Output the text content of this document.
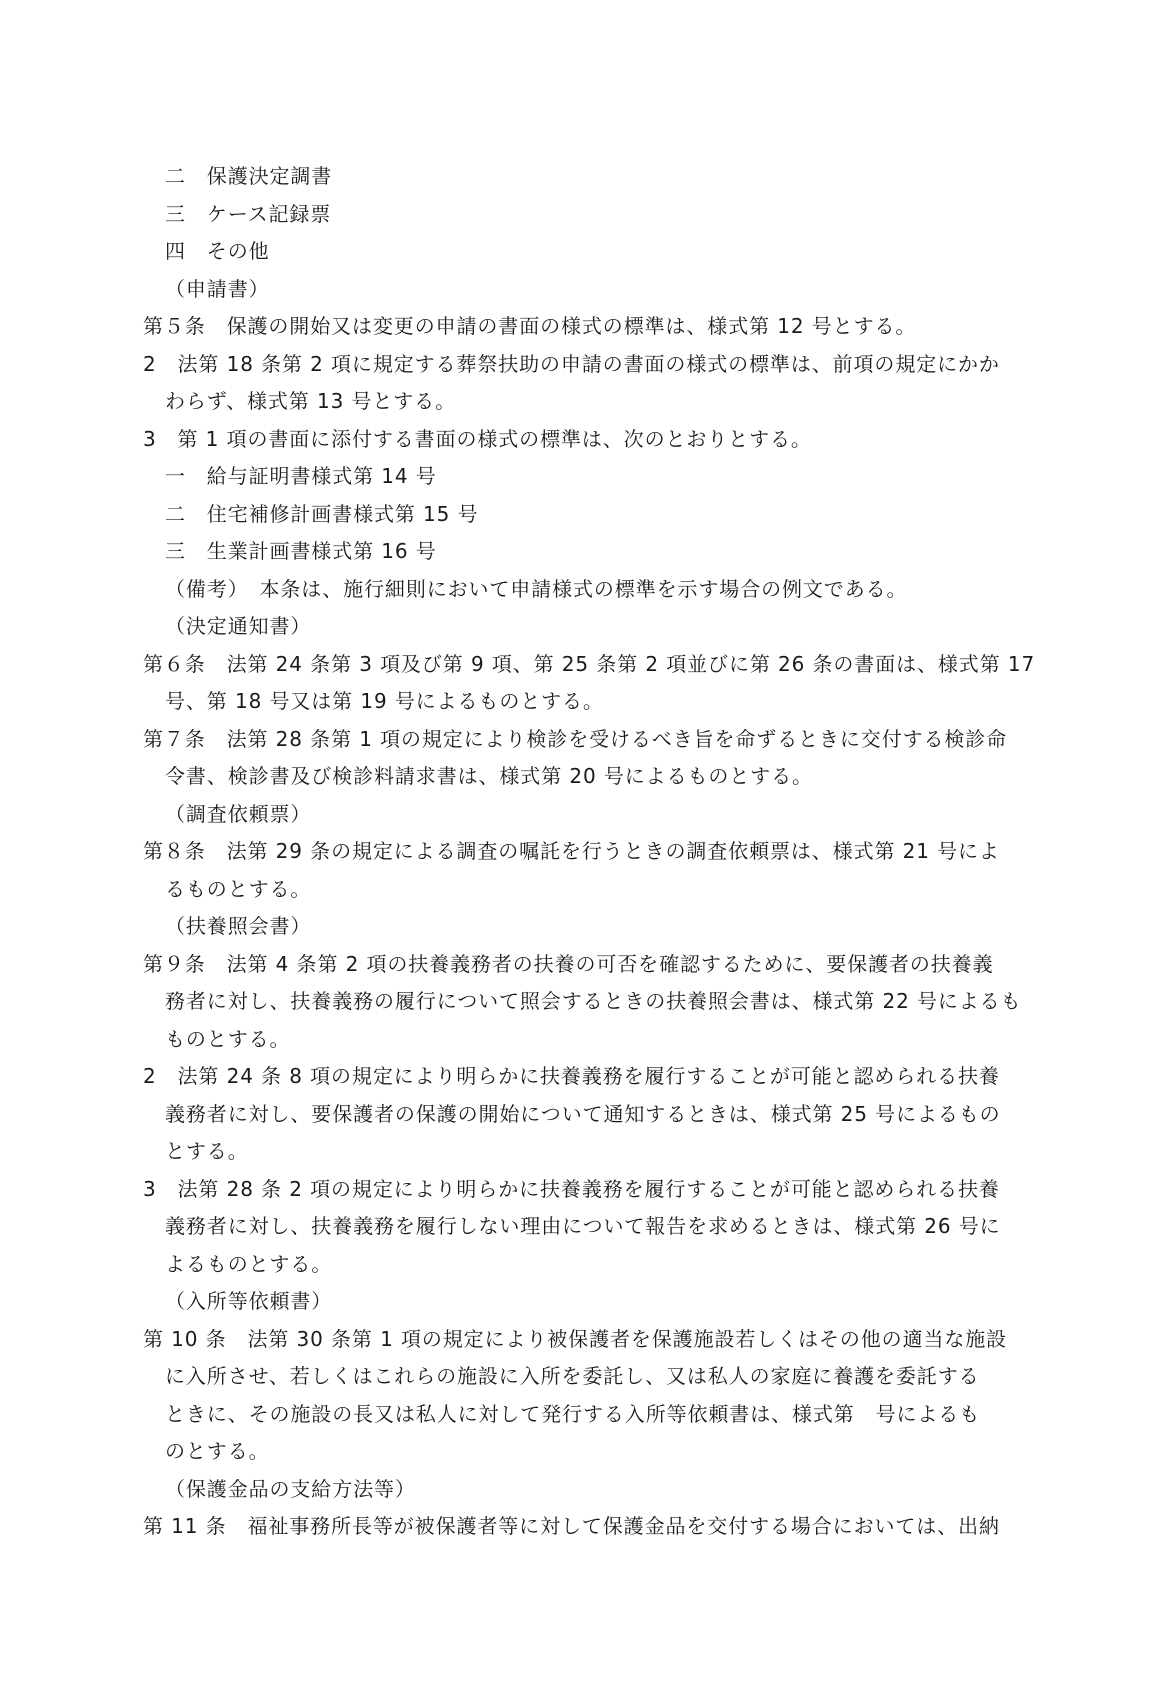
二　保護決定調書
三　ケース記録票
四　その他
（申請書）
第５条　保護の開始又は変更の申請の書面の様式の標準は、様式第 12 号とする。
2　法第 18 条第 2 項に規定する葬祭扶助の申請の書面の様式の標準は、前項の規定にかか
わらず、様式第 13 号とする。
3　第 1 項の書面に添付する書面の様式の標準は、次のとおりとする。
一　給与証明書様式第 14 号
二　住宅補修計画書様式第 15 号
三　生業計画書様式第 16 号
（備考）　本条は、施行細則において申請様式の標準を示す場合の例文である。
（決定通知書）
第６条　法第 24 条第 3 項及び第 9 項、第 25 条第 2 項並びに第 26 条の書面は、様式第 17
号、第 18 号又は第 19 号によるものとする。
第７条　法第 28 条第 1 項の規定により検診を受けるべき旨を命ずるときに交付する検診命
令書、検診書及び検診料請求書は、様式第 20 号によるものとする。
（調査依頼票）
第８条　法第 29 条の規定による調査の嘱託を行うときの調査依頼票は、様式第 21 号によ
るものとする。
（扶養照会書）
第９条　法第 4 条第 2 項の扶養義務者の扶養の可否を確認するために、要保護者の扶養義
務者に対し、扶養義務の履行について照会するときの扶養照会書は、様式第 22 号によるも
ものとする。
2　法第 24 条 8 項の規定により明らかに扶養義務を履行することが可能と認められる扶養
義務者に対し、要保護者の保護の開始について通知するときは、様式第 25 号によるもの
とする。
3　法第 28 条 2 項の規定により明らかに扶養義務を履行することが可能と認められる扶養
義務者に対し、扶養義務を履行しない理由について報告を求めるときは、様式第 26 号に
よるものとする。
（入所等依頼書）
第 10 条　法第 30 条第 1 項の規定により被保護者を保護施設若しくはその他の適当な施設
に入所させ、若しくはこれらの施設に入所を委託し、又は私人の家庭に養護を委託する
ときに、その施設の長又は私人に対して発行する入所等依頼書は、様式第　号によるも
のとする。
（保護金品の支給方法等）
第 11 条　福祉事務所長等が被保護者等に対して保護金品を交付する場合においては、出納
